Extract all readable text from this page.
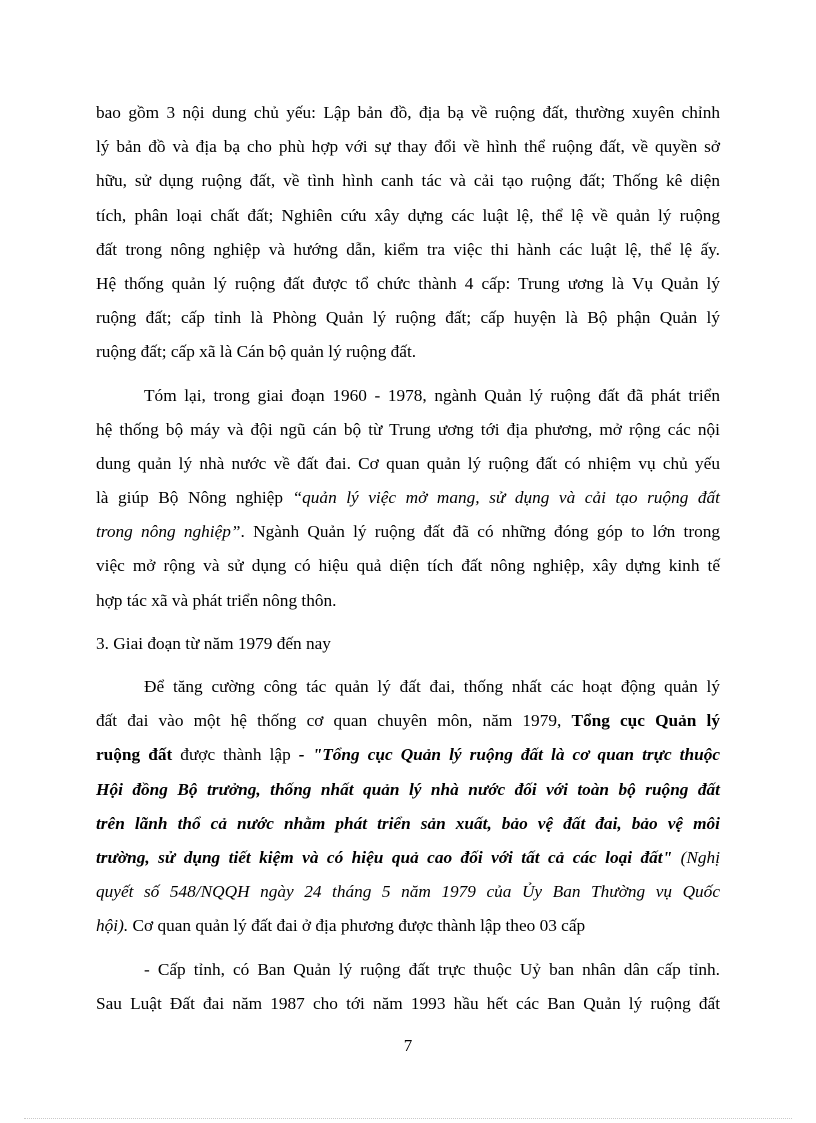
bao gồm 3 nội dung chủ yếu: Lập bản đồ, địa bạ về ruộng đất, thường xuyên chỉnh
lý bản đồ và địa bạ cho phù hợp với sự thay đổi về hình thể ruộng đất, về quyền sở
hữu, sử dụng ruộng đất, về tình hình canh tác và cải tạo ruộng đất; Thống kê diện
tích, phân loại chất đất; Nghiên cứu xây dựng các luật lệ, thể lệ về quản lý ruộng
đất trong nông nghiệp và hướng dẫn, kiểm tra việc thi hành các luật lệ, thể lệ ấy.
Hệ thống quản lý ruộng đất được tổ chức thành 4 cấp: Trung ương là Vụ Quản lý
ruộng đất; cấp tỉnh là Phòng Quản lý ruộng đất; cấp huyện là Bộ phận Quản lý
ruộng đất; cấp xã là Cán bộ quản lý ruộng đất.
Tóm lại, trong giai đoạn 1960 - 1978, ngành Quản lý ruộng đất đã phát triển
hệ thống bộ máy và đội ngũ cán bộ từ Trung ương tới địa phương, mở rộng các nội
dung quản lý nhà nước về đất đai. Cơ quan quản lý ruộng đất có nhiệm vụ chủ yếu
là giúp Bộ Nông nghiệp “quản lý việc mở mang, sử dụng và cải tạo ruộng đất
trong nông nghiệp”. Ngành Quản lý ruộng đất đã có những đóng góp to lớn trong
việc mở rộng và sử dụng có hiệu quả diện tích đất nông nghiệp, xây dựng kinh tế
hợp tác xã và phát triển nông thôn.
3. Giai đoạn từ năm 1979 đến nay
Để tăng cường công tác quản lý đất đai, thống nhất các hoạt động quản lý
đất đai vào một hệ thống cơ quan chuyên môn, năm 1979, Tổng cục Quản lý
ruộng đất được thành lập - "Tổng cục Quản lý ruộng đất là cơ quan trực thuộc
Hội đồng Bộ trưởng, thống nhất quản lý nhà nước đối với toàn bộ ruộng đất
trên lãnh thổ cả nước nhằm phát triển sản xuất, bảo vệ đất đai, bảo vệ môi
trường, sử dụng tiết kiệm và có hiệu quả cao đối với tất cả các loại đất" (Nghị
quyết số 548/NQQH ngày 24 tháng 5 năm 1979 của Ủy Ban Thường vụ Quốc
hội). Cơ quan quản lý đất đai ở địa phương được thành lập theo 03 cấp
- Cấp tỉnh, có Ban Quản lý ruộng đất trực thuộc Uỷ ban nhân dân cấp tỉnh.
Sau Luật Đất đai năm 1987 cho tới năm 1993 hầu hết các Ban Quản lý ruộng đất
7
